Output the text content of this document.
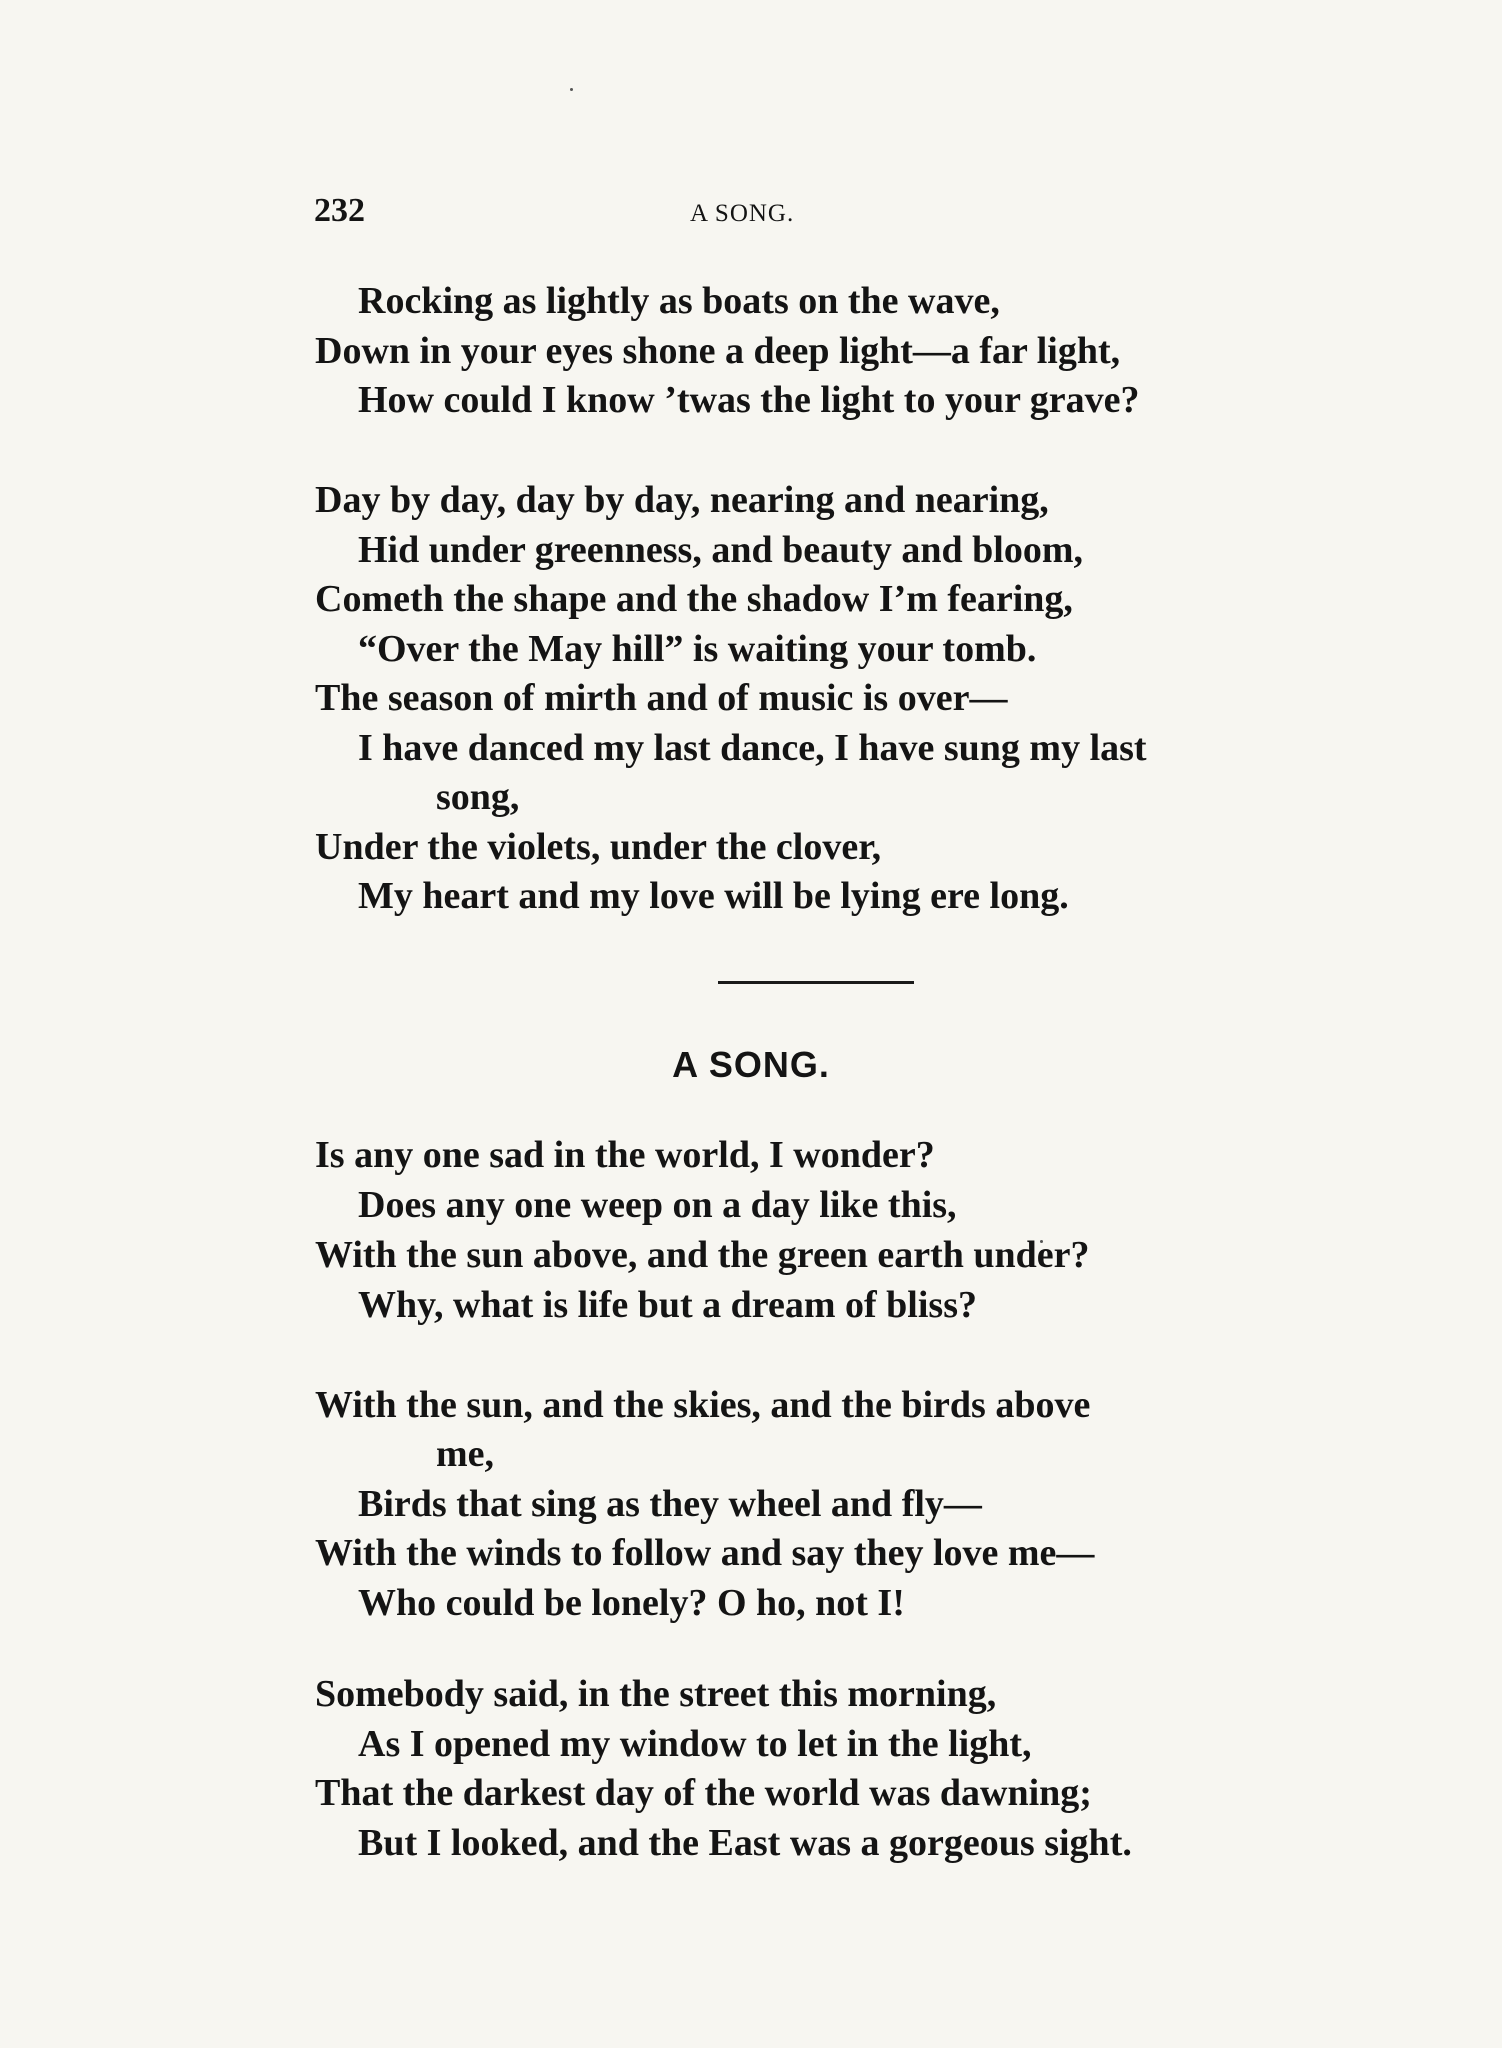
232	A SONG.
Rocking as lightly as boats on the wave,
Down in your eyes shone a deep light—a far light,
How could I know ’twas the light to your grave?
Day by day, day by day, nearing and nearing,
Hid under greenness, and beauty and bloom,
Cometh the shape and the shadow I’m fearing,
“Over the May hill” is waiting your tomb.
The season of mirth and of music is over—
I have danced my last dance, I have sung my last
song,
Under the violets, under the clover,
My heart and my love will be lying ere long.
A SONG.
Is any one sad in the world, I wonder?
Does any one weep on a day like this,
With the sun above, and the green earth under?
Why, what is life but a dream of bliss?
With the sun, and the skies, and the birds above
me,
Birds that sing as they wheel and fly—
With the winds to follow and say they love me—
Who could be lonely? O ho, not I!
Somebody said, in the street this morning,
As I opened my window to let in the light,
That the darkest day of the world was dawning;
But I looked, and the East was a gorgeous sight.
